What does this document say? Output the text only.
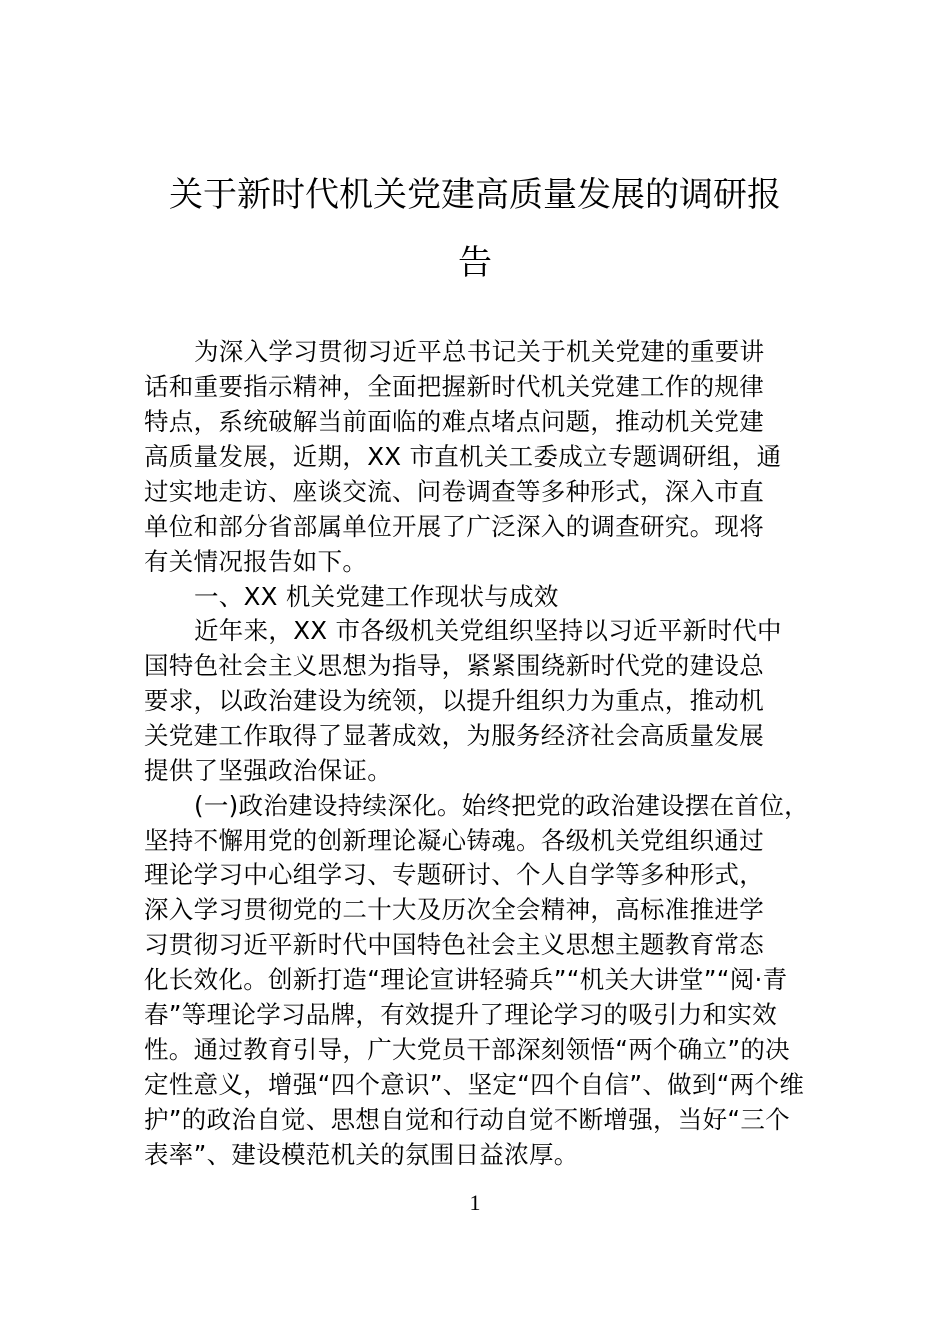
关于新时代机关党建高质量发展的调研报
告
为深入学习贯彻习近平总书记关于机关党建的重要讲
话和重要指示精神，全面把握新时代机关党建工作的规律
特点，系统破解当前面临的难点堵点问题，推动机关党建
高质量发展，近期，XX 市直机关工委成立专题调研组，通
过实地走访、座谈交流、问卷调查等多种形式，深入市直
单位和部分省部属单位开展了广泛深入的调查研究。现将
有关情况报告如下。
一、XX 机关党建工作现状与成效
近年来，XX 市各级机关党组织坚持以习近平新时代中
国特色社会主义思想为指导，紧紧围绕新时代党的建设总
要求，以政治建设为统领，以提升组织力为重点，推动机
关党建工作取得了显著成效，为服务经济社会高质量发展
提供了坚强政治保证。
(一)政治建设持续深化。始终把党的政治建设摆在首位，
坚持不懈用党的创新理论凝心铸魂。各级机关党组织通过
理论学习中心组学习、专题研讨、个人自学等多种形式，
深入学习贯彻党的二十大及历次全会精神，高标准推进学
习贯彻习近平新时代中国特色社会主义思想主题教育常态
化长效化。创新打造“理论宣讲轻骑兵”“机关大讲堂”“阅·青
春”等理论学习品牌，有效提升了理论学习的吸引力和实效
性。通过教育引导，广大党员干部深刻领悟“两个确立”的决
定性意义，增强“四个意识”、坚定“四个自信”、做到“两个维
护”的政治自觉、思想自觉和行动自觉不断增强，当好“三个
表率”、建设模范机关的氛围日益浓厚。
1
